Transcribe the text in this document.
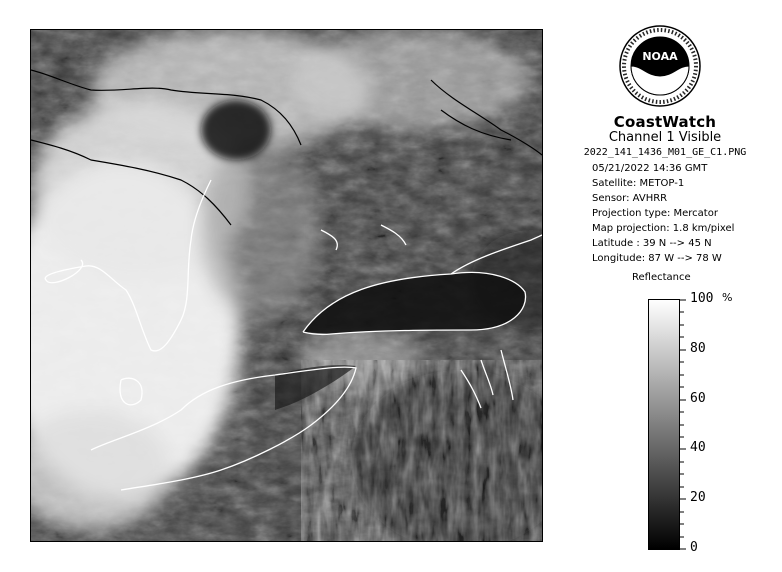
NOAA
CoastWatch
Channel 1 Visible
2022_141_1436_M01_GE_C1.PNG
05/21/2022 14:36 GMT
Satellite: METOP-1
Sensor: AVHRR
Projection type: Mercator
Map projection: 1.8 km/pixel
Latitude : 39 N --> 45 N
Longitude: 87 W --> 78 W
Reflectance
%
100
80
60
40
20
0
